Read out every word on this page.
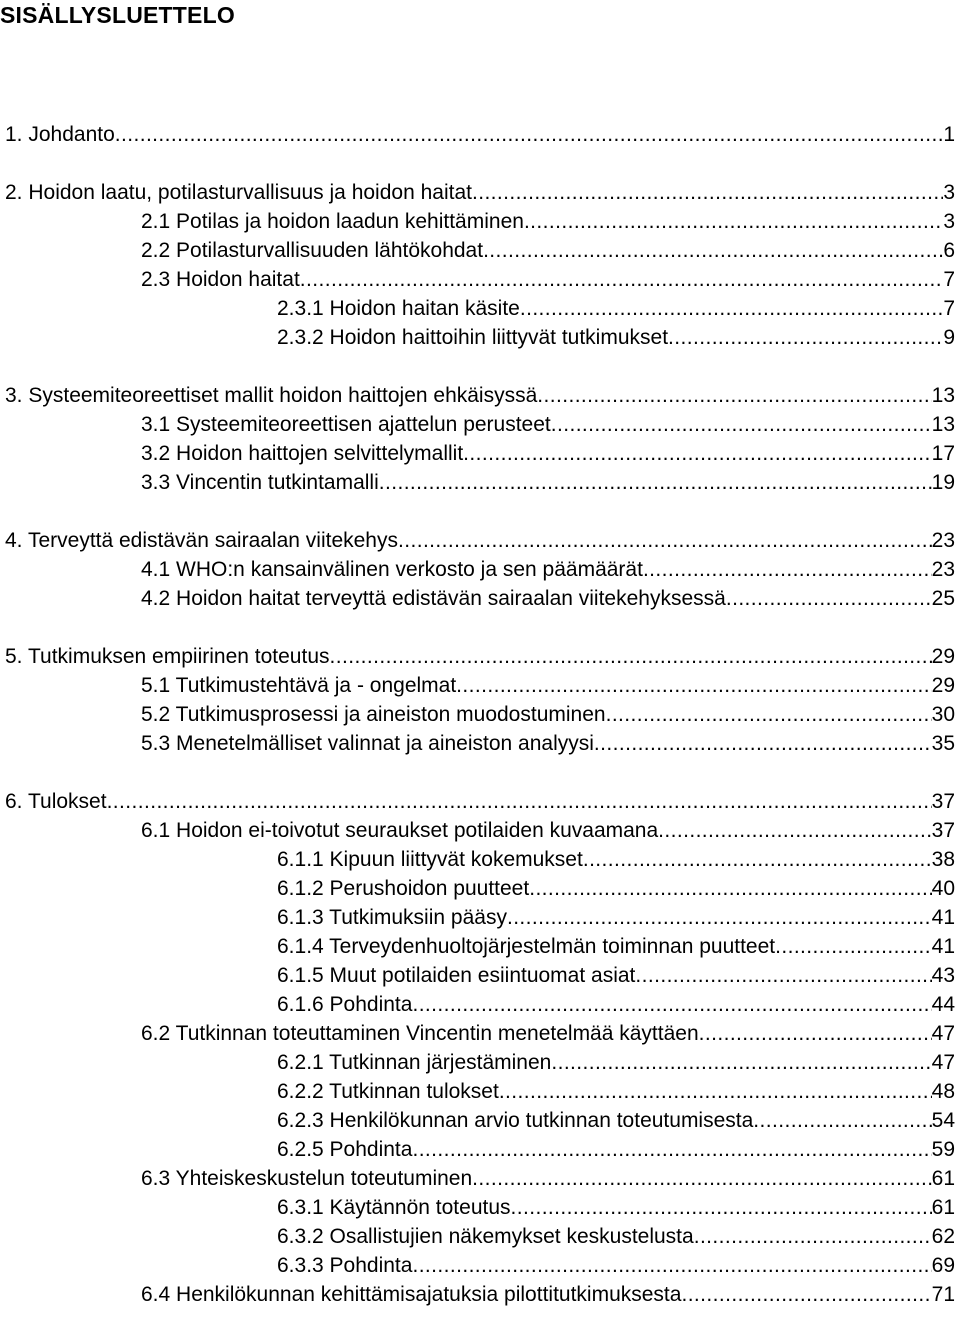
SISÄLLYSLUETTELO
1. Johdanto .....	1
2. Hoidon laatu, potilasturvallisuus ja hoidon haitat .....	3
2.1 Potilas ja hoidon laadun kehittäminen .....	3
2.2 Potilasturvallisuuden lähtökohdat .....	6
2.3 Hoidon haitat .....	7
2.3.1 Hoidon haitan käsite .....	7
2.3.2 Hoidon haittoihin liittyvät tutkimukset .....	9
3. Systeemiteoreettiset mallit hoidon haittojen ehkäisyssä .....	13
3.1 Systeemiteoreettisen ajattelun perusteet .....	13
3.2 Hoidon haittojen selvittelymallit .....	17
3.3 Vincentin tutkintamalli .....	19
4. Terveyttä edistävän sairaalan viitekehys .....	23
4.1 WHO:n kansainvälinen verkosto ja sen päämäärät .....	23
4.2 Hoidon haitat terveyttä edistävän sairaalan viitekehyksessä .....	25
5. Tutkimuksen empiirinen toteutus .....	29
5.1 Tutkimustehtävä ja - ongelmat .....	29
5.2 Tutkimusprosessi ja aineiston muodostuminen .....	30
5.3 Menetelmälliset valinnat ja aineiston analyysi .....	35
6. Tulokset .....	37
6.1 Hoidon ei-toivotut seuraukset potilaiden kuvaamana .....	37
6.1.1 Kipuun liittyvät kokemukset .....	38
6.1.2 Perushoidon puutteet .....	40
6.1.3 Tutkimuksiin pääsy .....	41
6.1.4 Terveydenhuoltojärjestelmän toiminnan puutteet .....	41
6.1.5 Muut potilaiden esiintuomat asiat .....	43
6.1.6 Pohdinta .....	44
6.2 Tutkinnan toteuttaminen Vincentin menetelmää käyttäen .....	47
6.2.1 Tutkinnan järjestäminen .....	47
6.2.2 Tutkinnan tulokset .....	48
6.2.3 Henkilökunnan arvio tutkinnan toteutumisesta .....	54
6.2.5 Pohdinta .....	59
6.3 Yhteiskeskustelun toteutuminen .....	61
6.3.1 Käytännön toteutus .....	61
6.3.2 Osallistujien näkemykset keskustelusta .....	62
6.3.3 Pohdinta .....	69
6.4 Henkilökunnan kehittämisajatuksia pilottitutkimuksesta .....	71
